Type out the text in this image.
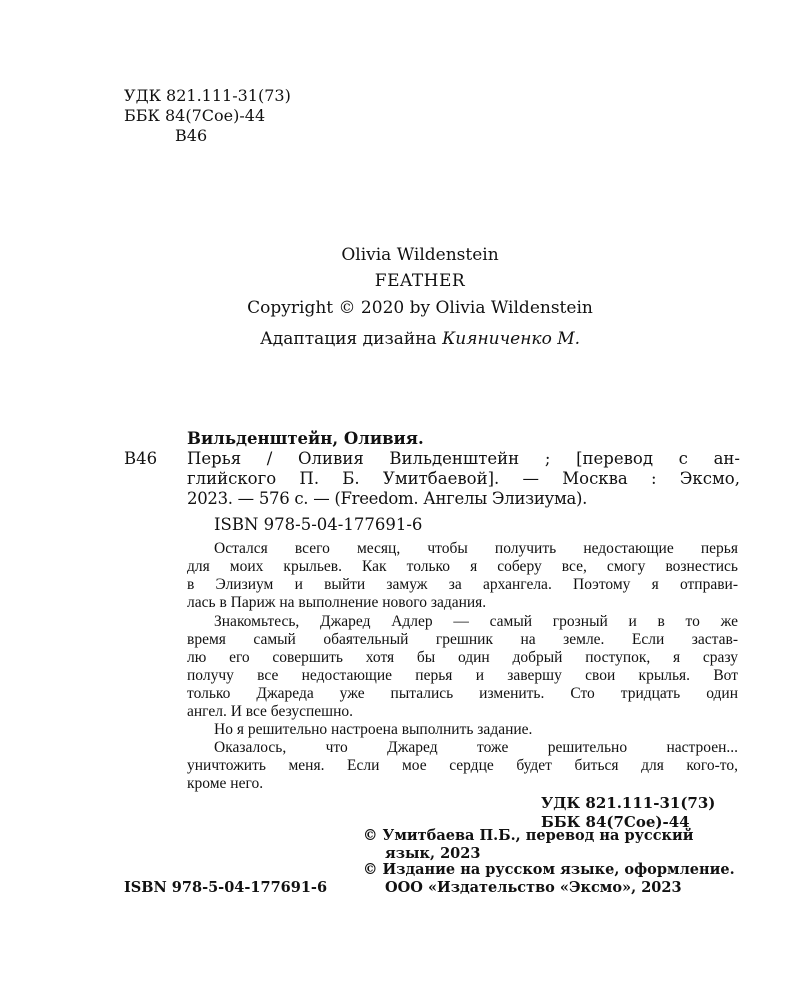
УДК 821.111-31(73)
ББК 84(7Сое)-44
В46
Olivia Wildenstein
FEATHER
Copyright © 2020 by Olivia Wildenstein
Адаптация дизайна Кияниченко М.
Вильденштейн, Оливия.
В46 Перья / Оливия Вильденштейн ; [перевод с ан-
глийского П. Б. Умитбаевой]. — Москва : Эксмо,
2023. — 576 с. — (Freedom. Ангелы Элизиума).
ISBN 978-5-04-177691-6
Остался всего месяц, чтобы получить недостающие перья
для моих крыльев. Как только я соберу все, смогу вознестись
в Элизиум и выйти замуж за архангела. Поэтому я отправи-
лась в Париж на выполнение нового задания.
Знакомьтесь, Джаред Адлер — самый грозный и в то же
время самый обаятельный грешник на земле. Если застав-
лю его совершить хотя бы один добрый поступок, я сразу
получу все недостающие перья и завершу свои крылья. Вот
только Джареда уже пытались изменить. Сто тридцать один
ангел. И все безуспешно.
Но я решительно настроена выполнить задание.
Оказалось, что Джаред тоже решительно настроен...
уничтожить меня. Если мое сердце будет биться для кого-то,
кроме него.
УДК 821.111-31(73)
ББК 84(7Сое)-44
© Умитбаева П.Б., перевод на русский
язык, 2023
© Издание на русском языке, оформление.
ООО «Издательство «Эксмо», 2023
ISBN 978-5-04-177691-6
